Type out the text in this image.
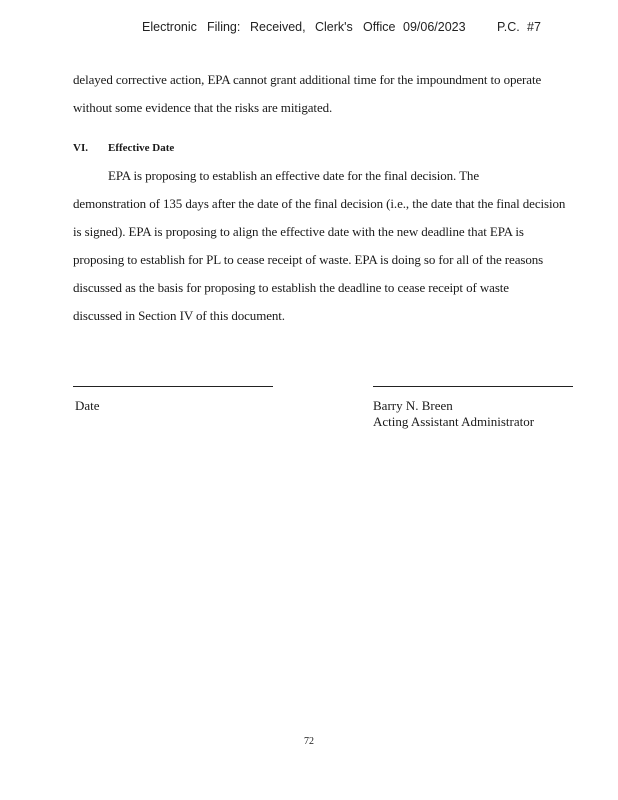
Electronic Filing: Received, Clerk's Office 09/06/2023	P.C. #7
delayed corrective action, EPA cannot grant additional time for the impoundment to operate
without some evidence that the risks are mitigated.
VI. Effective Date
EPA is proposing to establish an effective date for the final decision. The
demonstration of 135 days after the date of the final decision (i.e., the date that the final decision
is signed). EPA is proposing to align the effective date with the new deadline that EPA is
proposing to establish for PL to cease receipt of waste. EPA is doing so for all of the reasons
discussed as the basis for proposing to establish the deadline to cease receipt of waste
discussed in Section IV of this document.
Date	Barry N. Breen
Acting Assistant Administrator
72
